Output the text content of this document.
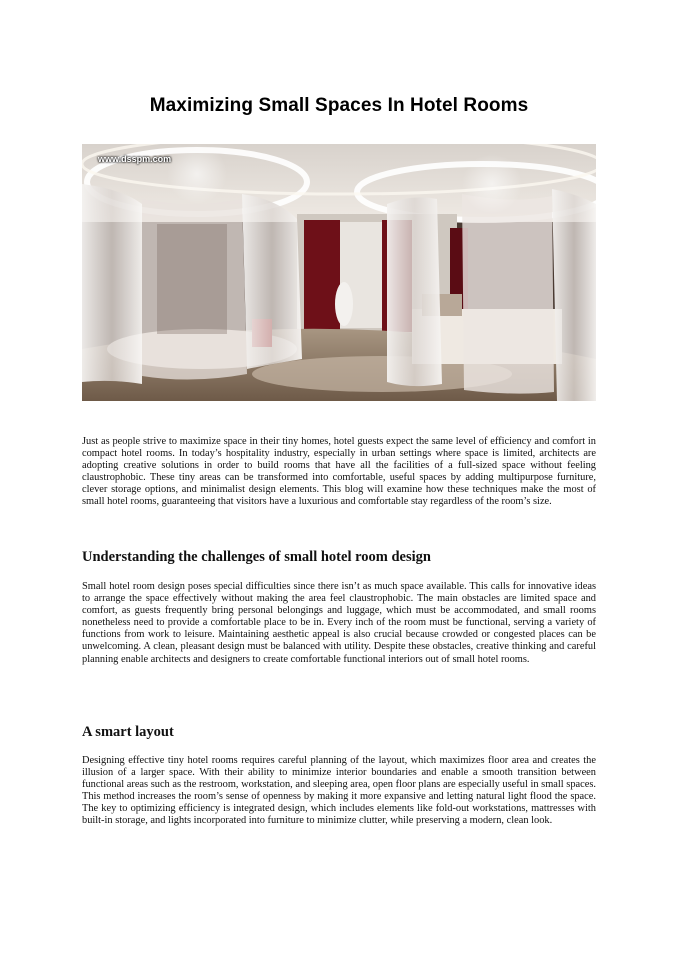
Maximizing Small Spaces In Hotel Rooms
www.dsspm.com

Just as people strive to maximize space in their tiny homes, hotel guests expect the same level of efficiency and comfort in compact hotel rooms. In today’s hospitality industry, especially in urban settings where space is limited, architects are adopting creative solutions in order to build rooms that have all the facilities of a full-sized space without feeling claustrophobic. These tiny areas can be transformed into comfortable, useful spaces by adding multipurpose furniture, clever storage options, and minimalist design elements. This blog will examine how these techniques make the most of small hotel rooms, guaranteeing that visitors have a luxurious and comfortable stay regardless of the room’s size.

Understanding the challenges of small hotel room design

Small hotel room design poses special difficulties since there isn’t as much space available. This calls for innovative ideas to arrange the space effectively without making the area feel claustrophobic. The main obstacles are limited space and comfort, as guests frequently bring personal belongings and luggage, which must be accommodated, and small rooms nonetheless need to provide a comfortable place to be in. Every inch of the room must be functional, serving a variety of functions from work to leisure. Maintaining aesthetic appeal is also crucial because crowded or congested places can be unwelcoming. A clean, pleasant design must be balanced with utility. Despite these obstacles, creative thinking and careful planning enable architects and designers to create comfortable functional interiors out of small hotel rooms.

A smart layout

Designing effective tiny hotel rooms requires careful planning of the layout, which maximizes floor area and creates the illusion of a larger space. With their ability to minimize interior boundaries and enable a smooth transition between functional areas such as the restroom, workstation, and sleeping area, open floor plans are especially useful in small spaces. This method increases the room’s sense of openness by making it more expansive and letting natural light flood the space. The key to optimizing efficiency is integrated design, which includes elements like fold-out workstations, mattresses with built-in storage, and lights incorporated into furniture to minimize clutter, while preserving a modern, clean look.
